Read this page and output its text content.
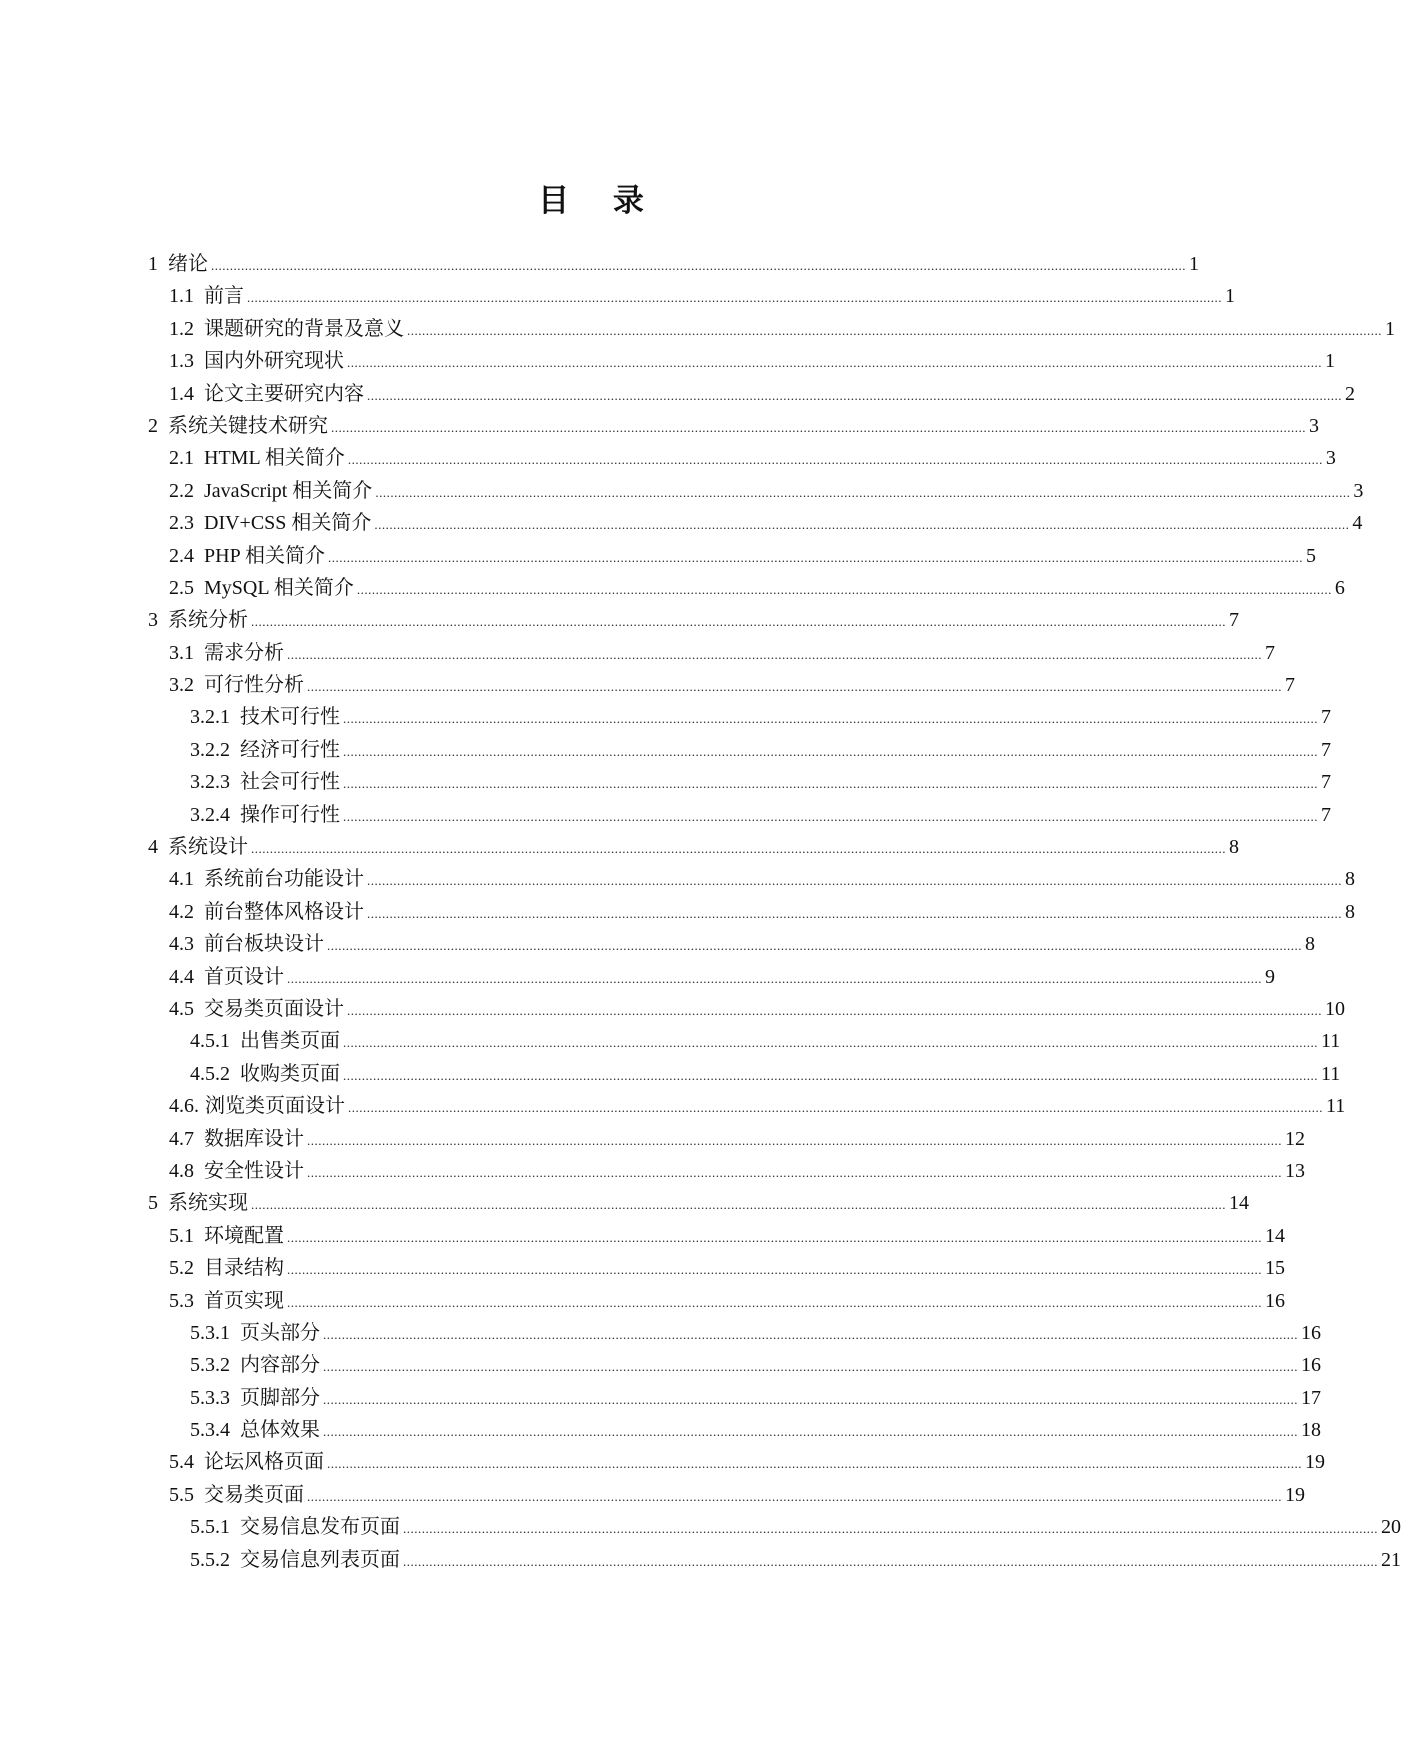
目 录
1 绪论 .................................................................................................................................................................................................................................................................... 1
1.1 前言 .................................................................................................................................................................................................................................................................... 1
1.2 课题研究的背景及意义 .................................................................................................................................................................................................................................................................... 1
1.3 国内外研究现状 .................................................................................................................................................................................................................................................................... 1
1.4 论文主要研究内容 .................................................................................................................................................................................................................................................................... 2
2 系统关键技术研究 .................................................................................................................................................................................................................................................................... 3
2.1 HTML 相关简介 .................................................................................................................................................................................................................................................................... 3
2.2 JavaScript 相关简介 .................................................................................................................................................................................................................................................................... 3
2.3 DIV+CSS 相关简介 .................................................................................................................................................................................................................................................................... 4
2.4 PHP 相关简介 .................................................................................................................................................................................................................................................................... 5
2.5 MySQL 相关简介 .................................................................................................................................................................................................................................................................... 6
3 系统分析 .................................................................................................................................................................................................................................................................... 7
3.1 需求分析 .................................................................................................................................................................................................................................................................... 7
3.2 可行性分析 .................................................................................................................................................................................................................................................................... 7
3.2.1 技术可行性 .................................................................................................................................................................................................................................................................... 7
3.2.2 经济可行性 .................................................................................................................................................................................................................................................................... 7
3.2.3 社会可行性 .................................................................................................................................................................................................................................................................... 7
3.2.4 操作可行性 .................................................................................................................................................................................................................................................................... 7
4 系统设计 .................................................................................................................................................................................................................................................................... 8
4.1 系统前台功能设计 .................................................................................................................................................................................................................................................................... 8
4.2 前台整体风格设计 .................................................................................................................................................................................................................................................................... 8
4.3 前台板块设计 .................................................................................................................................................................................................................................................................... 8
4.4 首页设计 .................................................................................................................................................................................................................................................................... 9
4.5 交易类页面设计 .................................................................................................................................................................................................................................................................... 10
4.5.1 出售类页面 .................................................................................................................................................................................................................................................................... 11
4.5.2 收购类页面 .................................................................................................................................................................................................................................................................... 11
4.6. 浏览类页面设计 .................................................................................................................................................................................................................................................................... 11
4.7 数据库设计 .................................................................................................................................................................................................................................................................... 12
4.8 安全性设计 .................................................................................................................................................................................................................................................................... 13
5 系统实现 .................................................................................................................................................................................................................................................................... 14
5.1 环境配置 .................................................................................................................................................................................................................................................................... 14
5.2 目录结构 .................................................................................................................................................................................................................................................................... 15
5.3 首页实现 .................................................................................................................................................................................................................................................................... 16
5.3.1 页头部分 .................................................................................................................................................................................................................................................................... 16
5.3.2 内容部分 .................................................................................................................................................................................................................................................................... 16
5.3.3 页脚部分 .................................................................................................................................................................................................................................................................... 17
5.3.4 总体效果 .................................................................................................................................................................................................................................................................... 18
5.4 论坛风格页面 .................................................................................................................................................................................................................................................................... 19
5.5 交易类页面 .................................................................................................................................................................................................................................................................... 19
5.5.1 交易信息发布页面 .................................................................................................................................................................................................................................................................... 20
5.5.2 交易信息列表页面 .................................................................................................................................................................................................................................................................... 21
